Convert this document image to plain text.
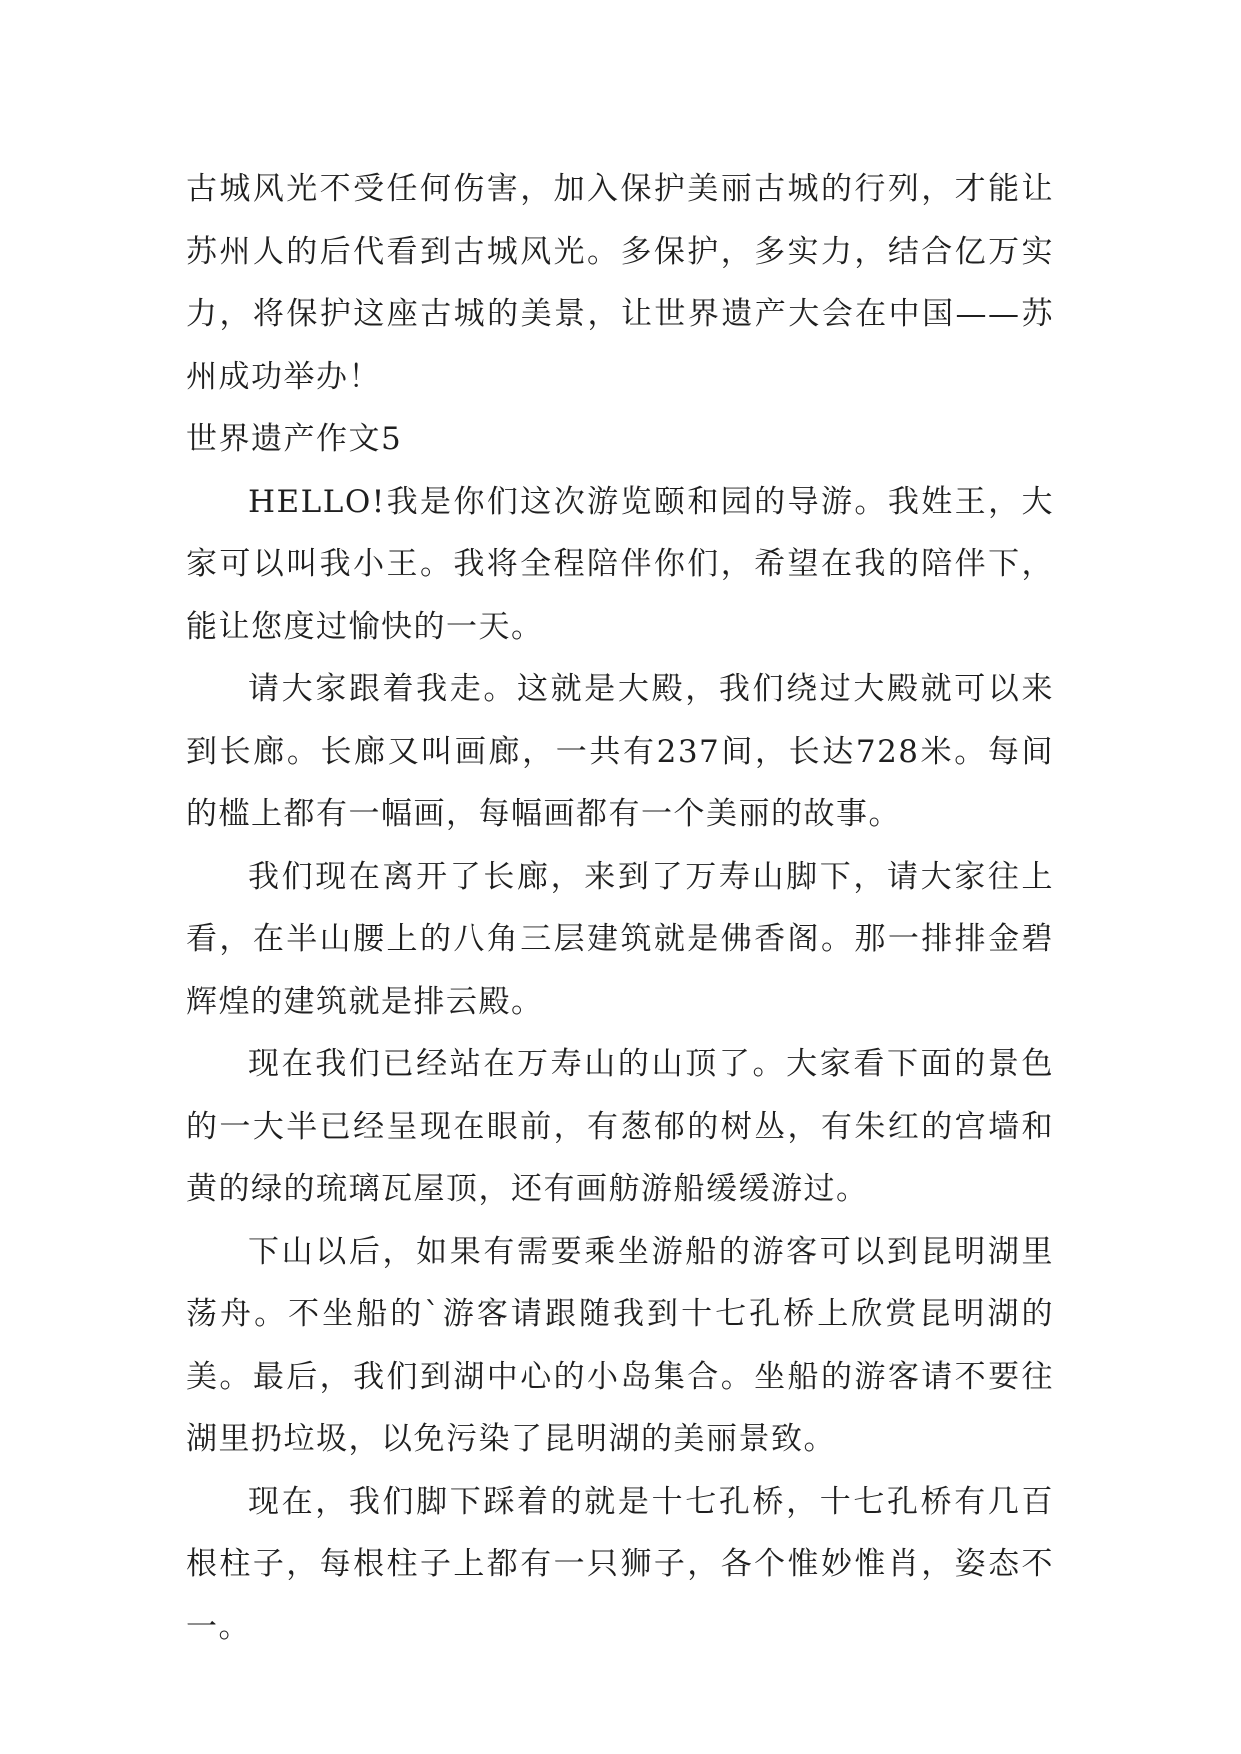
古城风光不受任何伤害，加入保护美丽古城的行列，才能让苏州人的后代看到古城风光。多保护，多实力，结合亿万实力，将保护这座古城的美景，让世界遗产大会在中国——苏州成功举办！

世界遗产作文5

HELLO!我是你们这次游览颐和园的导游。我姓王，大家可以叫我小王。我将全程陪伴你们，希望在我的陪伴下，能让您度过愉快的一天。

请大家跟着我走。这就是大殿，我们绕过大殿就可以来到长廊。长廊又叫画廊，一共有237间，长达728米。每间的槛上都有一幅画，每幅画都有一个美丽的故事。

我们现在离开了长廊，来到了万寿山脚下，请大家往上看，在半山腰上的八角三层建筑就是佛香阁。那一排排金碧辉煌的建筑就是排云殿。

现在我们已经站在万寿山的山顶了。大家看下面的景色的一大半已经呈现在眼前，有葱郁的树丛，有朱红的宫墙和黄的绿的琉璃瓦屋顶，还有画舫游船缓缓游过。

下山以后，如果有需要乘坐游船的游客可以到昆明湖里荡舟。不坐船的`游客请跟随我到十七孔桥上欣赏昆明湖的美。最后，我们到湖中心的小岛集合。坐船的游客请不要往湖里扔垃圾，以免污染了昆明湖的美丽景致。

现在，我们脚下踩着的就是十七孔桥，十七孔桥有几百根柱子，每根柱子上都有一只狮子，各个惟妙惟肖，姿态不一。
